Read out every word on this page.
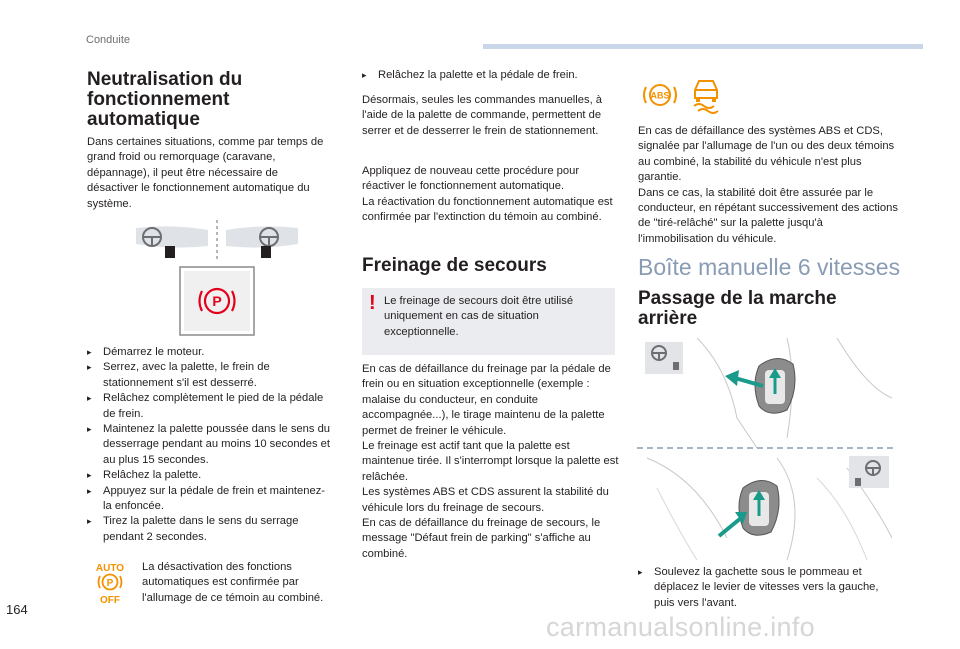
Conduite
Neutralisation du fonctionnement automatique
Dans certaines situations, comme par temps de grand froid ou remorquage (caravane, dépannage), il peut être nécessaire de désactiver le fonctionnement automatique du système.
P
▸ Démarrez le moteur.
▸ Serrez, avec la palette, le frein de stationnement s'il est desserré.
▸ Relâchez complètement le pied de la pédale de frein.
▸ Maintenez la palette poussée dans le sens du desserrage pendant au moins 10 secondes et au plus 15 secondes.
▸ Relâchez la palette.
▸ Appuyez sur la pédale de frein et maintenez-la enfoncée.
▸ Tirez la palette dans le sens du serrage pendant 2 secondes.
AUTO
P
OFF
La désactivation des fonctions automatiques est confirmée par l'allumage de ce témoin au combiné.
▸ Relâchez la palette et la pédale de frein.
Désormais, seules les commandes manuelles, à l'aide de la palette de commande, permettent de serrer et de desserrer le frein de stationnement.
Appliquez de nouveau cette procédure pour réactiver le fonctionnement automatique.
La réactivation du fonctionnement automatique est confirmée par l'extinction du témoin au combiné.
Freinage de secours
! Le freinage de secours doit être utilisé uniquement en cas de situation exceptionnelle.
En cas de défaillance du freinage par la pédale de frein ou en situation exceptionnelle (exemple : malaise du conducteur, en conduite accompagnée...), le tirage maintenu de la palette permet de freiner le véhicule.
Le freinage est actif tant que la palette est maintenue tirée. Il s'interrompt lorsque la palette est relâchée.
Les systèmes ABS et CDS assurent la stabilité du véhicule lors du freinage de secours.
En cas de défaillance du freinage de secours, le message "Défaut frein de parking" s'affiche au combiné.
ABS
En cas de défaillance des systèmes ABS et CDS, signalée par l'allumage de l'un ou des deux témoins au combiné, la stabilité du véhicule n'est plus garantie.
Dans ce cas, la stabilité doit être assurée par le conducteur, en répétant successivement des actions de "tiré-relâché" sur la palette jusqu'à l'immobilisation du véhicule.
Boîte manuelle 6 vitesses
Passage de la marche arrière
▸ Soulevez la gachette sous le pommeau et déplacez le levier de vitesses vers la gauche, puis vers l'avant.
164
carmanualsonline.info
